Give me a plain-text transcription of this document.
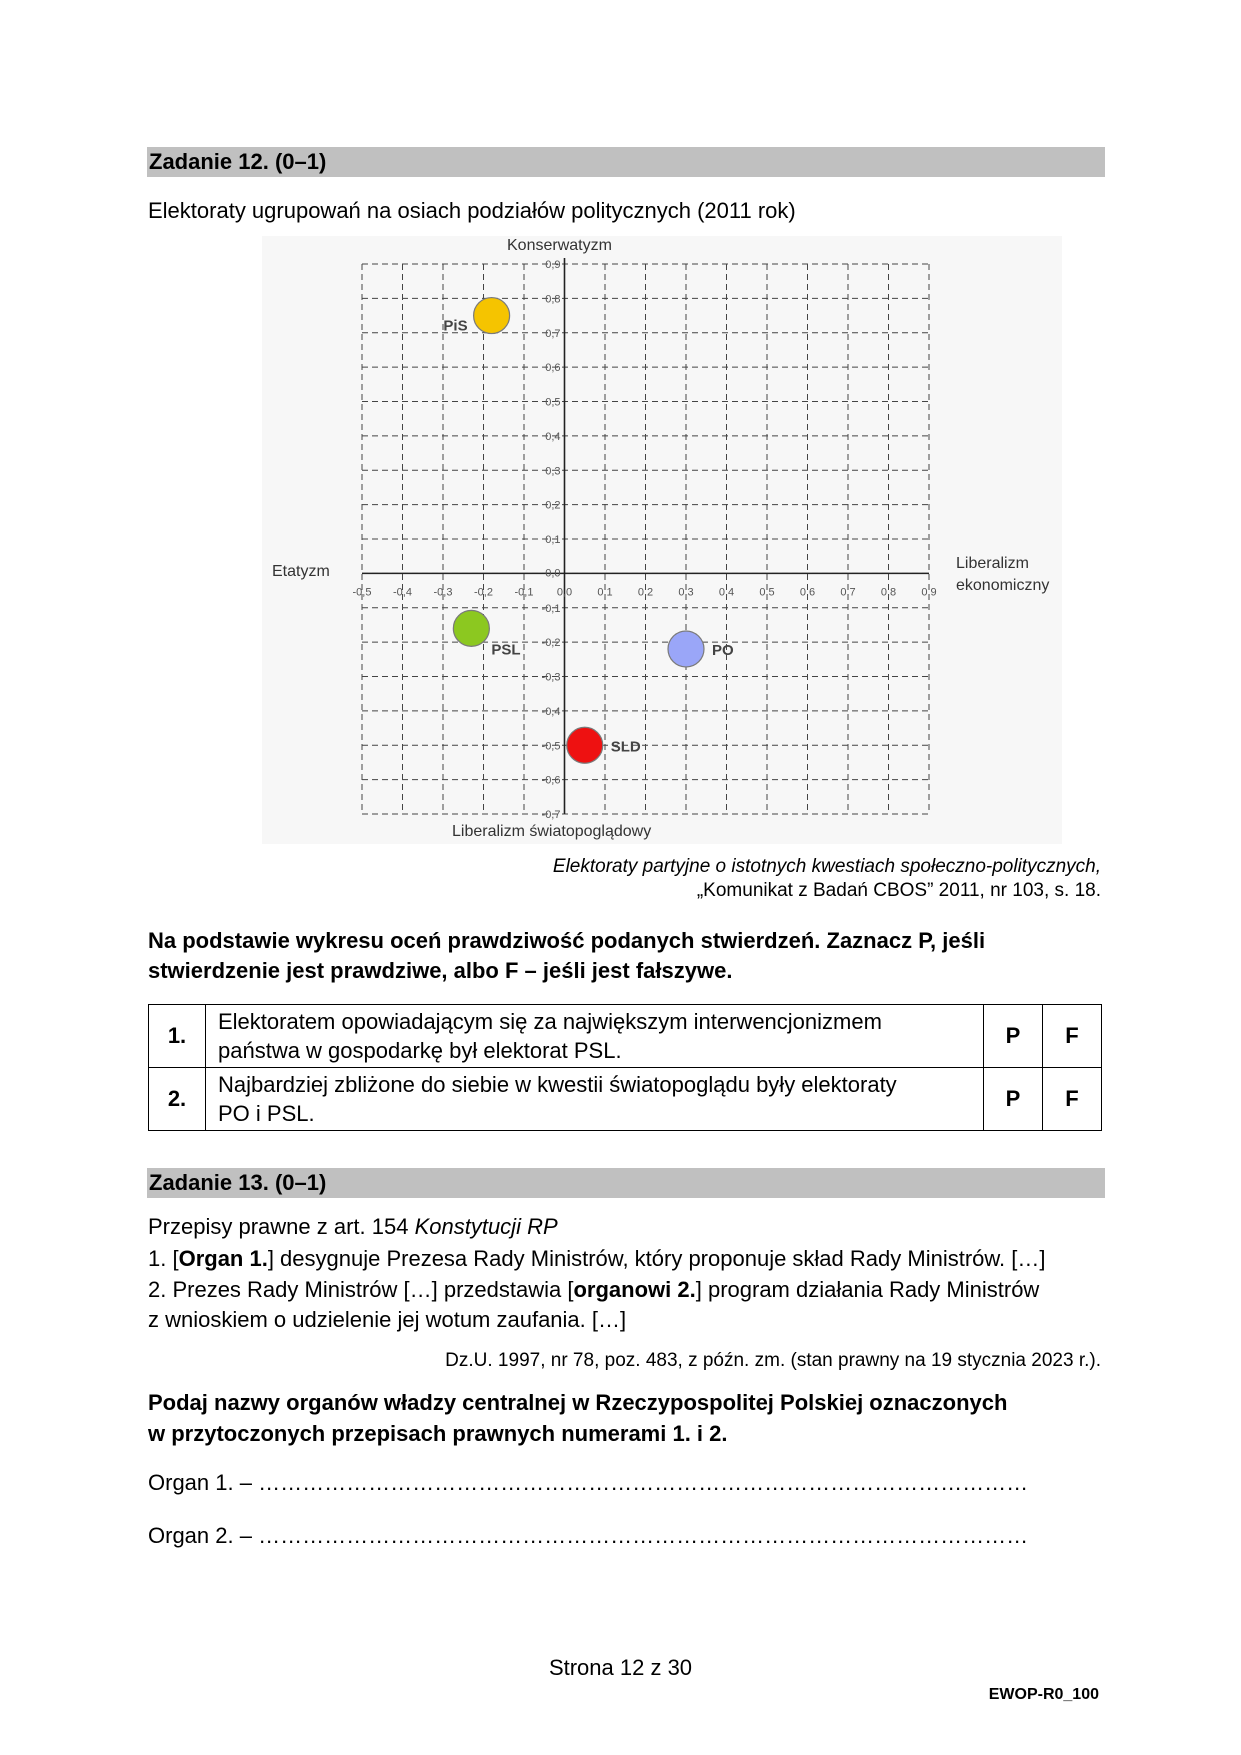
Zadanie 12. (0–1)
Elektoraty ugrupowań na osiach podziałów politycznych (2011 rok)
-0,5 -0,4 -0,3 -0,2 -0,1 0,0 0,1 0,2 0,3 0,4 0,5 0,6 0,7 0,8 0,9
0,9
0,8
0,7
0,6
0,5
0,4
0,3
0,2
0,1
0,0
-0,1
-0,2
-0,3
-0,4
-0,5
-0,6
-0,7
PiS
PSL	PO
SLD
Konserwatyzm
Liberalizm światopoglądowy
Etatyzm	Liberalizm
ekonomiczny
Elektoraty partyjne o istotnych kwestiach społeczno-politycznych,
„Komunikat z Badań CBOS” 2011, nr 103, s. 18.
Na podstawie wykresu oceń prawdziwość podanych stwierdzeń. Zaznacz P, jeśli
stwierdzenie jest prawdziwe, albo F – jeśli jest fałszywe.
1.	Elektoratem opowiadającym się za największym interwencjonizmem
państwa w gospodarkę był elektorat PSL.	P	F
2.	Najbardziej zbliżone do siebie w kwestii światopoglądu były elektoraty
PO i PSL.	P	F
Zadanie 13. (0–1)
Przepisy prawne z art. 154 Konstytucji RP
1. [Organ 1.] desygnuje Prezesa Rady Ministrów, który proponuje skład Rady Ministrów. […]
2. Prezes Rady Ministrów […] przedstawia [organowi 2.] program działania Rady Ministrów
z wnioskiem o udzielenie jej wotum zaufania. […]
Dz.U. 1997, nr 78, poz. 483, z późn. zm. (stan prawny na 19 stycznia 2023 r.).
Podaj nazwy organów władzy centralnej w Rzeczypospolitej Polskiej oznaczonych
w przytoczonych przepisach prawnych numerami 1. i 2.
Organ 1. – ……………………………………………………………………………………………
Organ 2. – ……………………………………………………………………………………………
Strona 12 z 30
EWOP-R0_100
